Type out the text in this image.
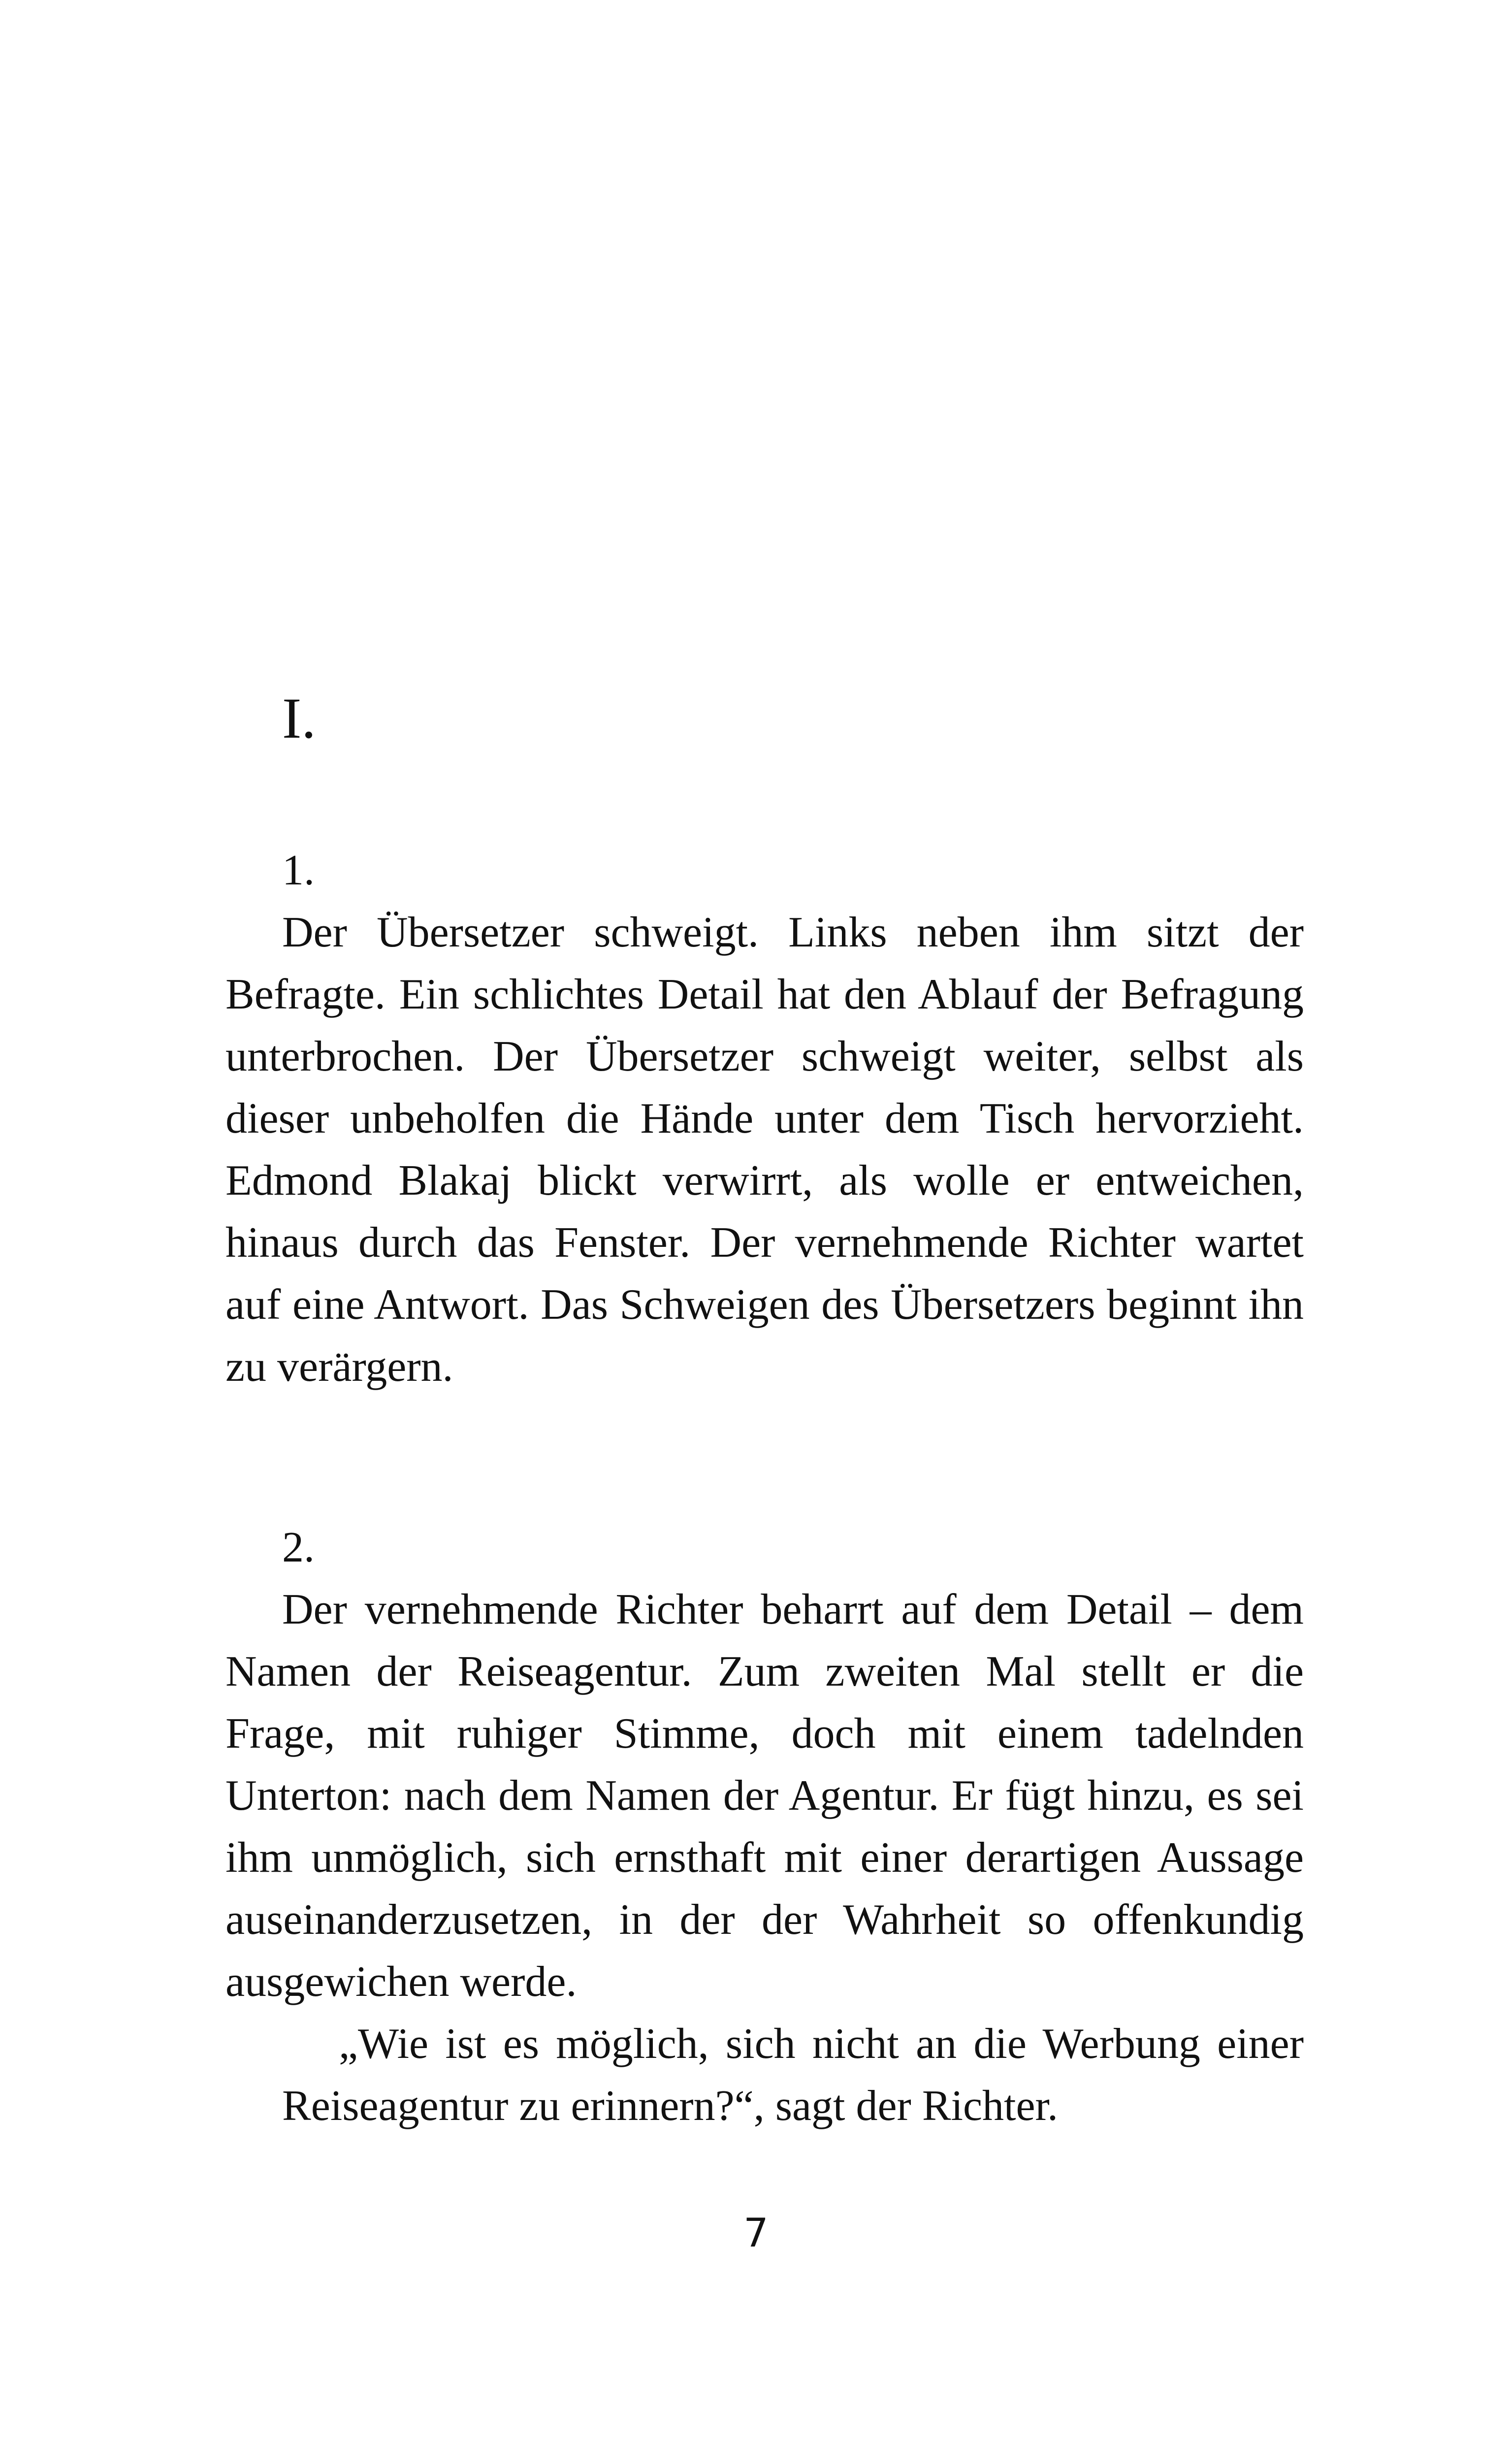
I.
1.

Der Übersetzer schweigt. Links neben ihm sitzt der Befragte. Ein schlichtes Detail hat den Ablauf der Befragung unterbrochen. Der Übersetzer schweigt weiter, selbst als dieser unbeholfen die Hände unter dem Tisch hervorzieht. Edmond Blakaj blickt verwirrt, als wolle er entweichen, hinaus durch das Fenster. Der vernehmende Richter wartet auf eine Antwort. Das Schweigen des Übersetzers beginnt ihn zu verärgern.

2.

Der vernehmende Richter beharrt auf dem Detail – dem Namen der Reiseagentur. Zum zweiten Mal stellt er die Frage, mit ruhiger Stimme, doch mit einem tadelnden Unterton: nach dem Namen der Agentur. Er fügt hinzu, es sei ihm unmöglich, sich ernsthaft mit einer derartigen Aussage auseinanderzusetzen, in der der Wahrheit so offenkundig ausgewichen werde.

„Wie ist es möglich, sich nicht an die Werbung einer Reiseagentur zu erinnern?“, sagt der Richter.

7
